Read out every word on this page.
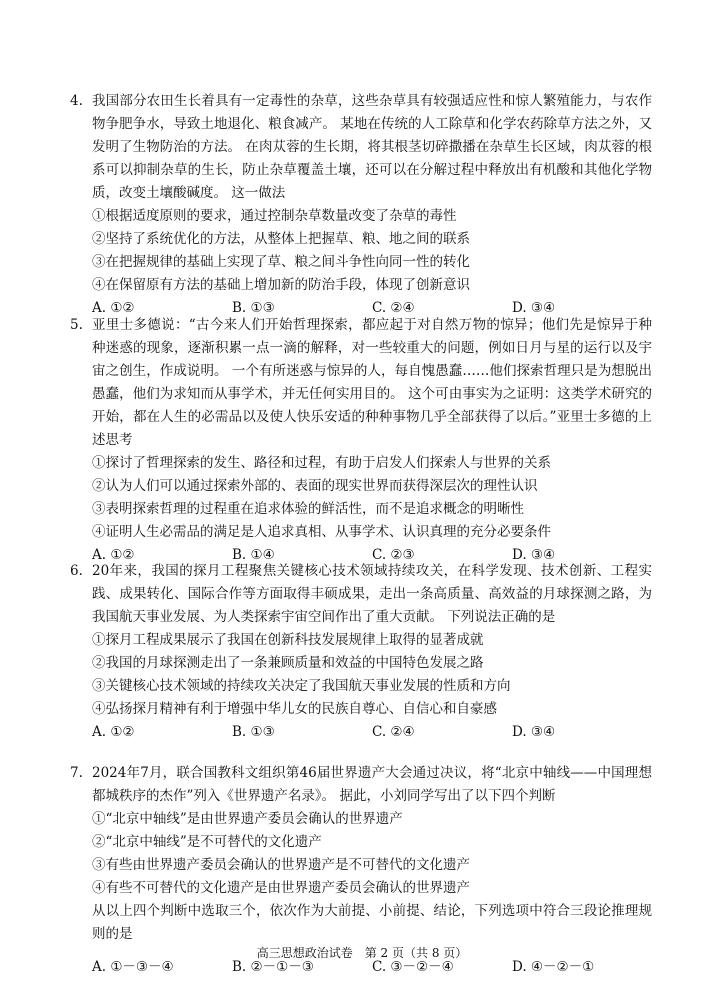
4. 我国部分农田生长着具有一定毒性的杂草，这些杂草具有较强适应性和惊人繁殖能力，与农作物争肥争水，导致土地退化、粮食减产。 某地在传统的人工除草和化学农药除草方法之外，又发明了生物防治的方法。 在肉苁蓉的生长期，将其根茎切碎撒播在杂草生长区域，肉苁蓉的根系可以抑制杂草的生长，防止杂草覆盖土壤，还可以在分解过程中释放出有机酸和其他化学物质，改变土壤酸碱度。 这一做法
①根据适度原则的要求，通过控制杂草数量改变了杂草的毒性
②坚持了系统优化的方法，从整体上把握草、粮、地之间的联系
③在把握规律的基础上实现了草、粮之间斗争性向同一性的转化
④在保留原有方法的基础上增加新的防治手段，体现了创新意识
A. ①②	B. ①③	C. ②④	D. ③④
5. 亚里士多德说：“古今来人们开始哲理探索，都应起于对自然万物的惊异；他们先是惊异于种种迷惑的现象，逐渐积累一点一滴的解释，对一些较重大的问题，例如日月与星的运行以及宇宙之创生，作成说明。 一个有所迷惑与惊异的人，每自愧愚蠢……他们探索哲理只是为想脱出愚蠢，他们为求知而从事学术，并无任何实用目的。 这个可由事实为之证明：这类学术研究的开始，都在人生的必需品以及使人快乐安适的种种事物几乎全部获得了以后。”亚里士多德的上述思考
①探讨了哲理探索的发生、路径和过程，有助于启发人们探索人与世界的关系
②认为人们可以通过探索外部的、表面的现实世界而获得深层次的理性认识
③表明探索哲理的过程重在追求体验的鲜活性，而不是追求概念的明晰性
④证明人生必需品的满足是人追求真相、从事学术、认识真理的充分必要条件
A. ①②	B. ①④	C. ②③	D. ③④
6. 20年来，我国的探月工程聚焦关键核心技术领域持续攻关，在科学发现、技术创新、工程实践、成果转化、国际合作等方面取得丰硕成果，走出一条高质量、高效益的月球探测之路，为我国航天事业发展、为人类探索宇宙空间作出了重大贡献。 下列说法正确的是
①探月工程成果展示了我国在创新科技发展规律上取得的显著成就
②我国的月球探测走出了一条兼顾质量和效益的中国特色发展之路
③关键核心技术领域的持续攻关决定了我国航天事业发展的性质和方向
④弘扬探月精神有利于增强中华儿女的民族自尊心、自信心和自豪感
A. ①②	B. ①③	C. ②④	D. ③④
7. 2024年7月，联合国教科文组织第46届世界遗产大会通过决议，将“北京中轴线——中国理想都城秩序的杰作”列入《世界遗产名录》。 据此，小刘同学写出了以下四个判断
①“北京中轴线”是由世界遗产委员会确认的世界遗产
②“北京中轴线”是不可替代的文化遗产
③有些由世界遗产委员会确认的世界遗产是不可替代的文化遗产
④有些不可替代的文化遗产是由世界遗产委员会确认的世界遗产
从以上四个判断中选取三个，依次作为大前提、小前提、结论，下列选项中符合三段论推理规则的是
A. ①－③－④	B. ②－①－③	C. ③－②－④	D. ④－②－①
高三思想政治试卷　第 2 页（共 8 页）
